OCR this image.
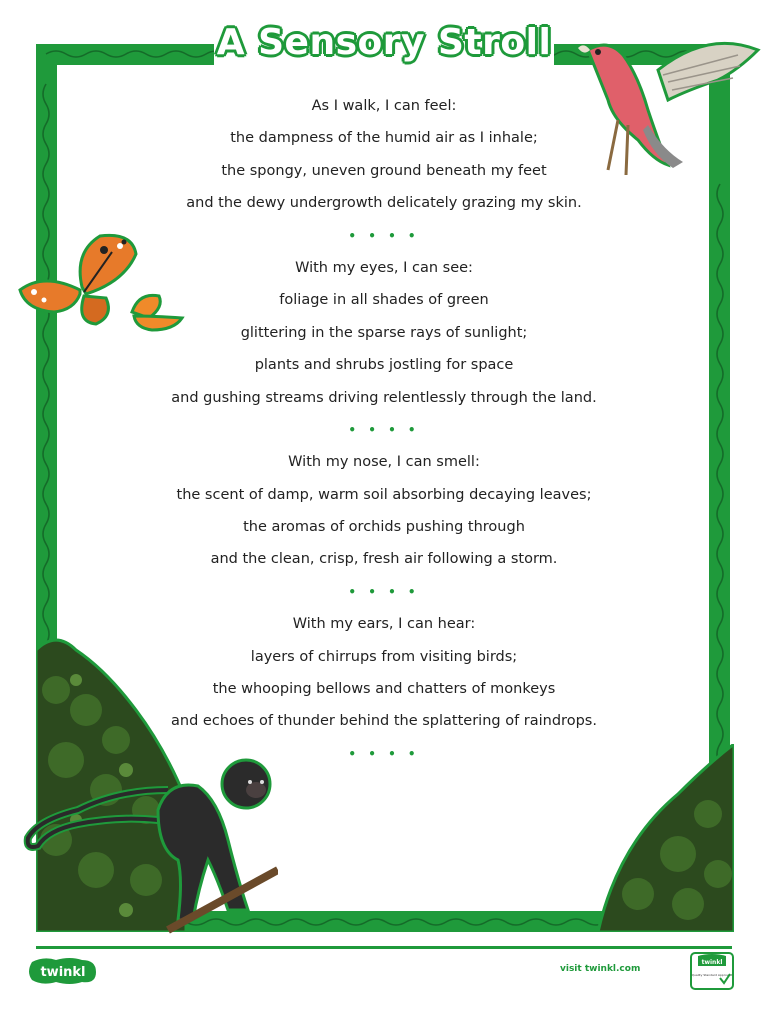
A Sensory Stroll
As I walk, I can feel:
the dampness of the humid air as I inhale;
the spongy, uneven ground beneath my feet
and the dewy undergrowth delicately grazing my skin.
• • • •
With my eyes, I can see:
foliage in all shades of green
glittering in the sparse rays of sunlight;
plants and shrubs jostling for space
and gushing streams driving relentlessly through the land.
• • • •
With my nose, I can smell:
the scent of damp, warm soil absorbing decaying leaves;
the aromas of orchids pushing through
and the clean, crisp, fresh air following a storm.
• • • •
With my ears, I can hear:
layers of chirrups from visiting birds;
the whooping bellows and chatters of monkeys
and echoes of thunder behind the splattering of raindrops.
• • • •
twinkl	visit twinkl.com
twinkl
Quality Standard Approved
